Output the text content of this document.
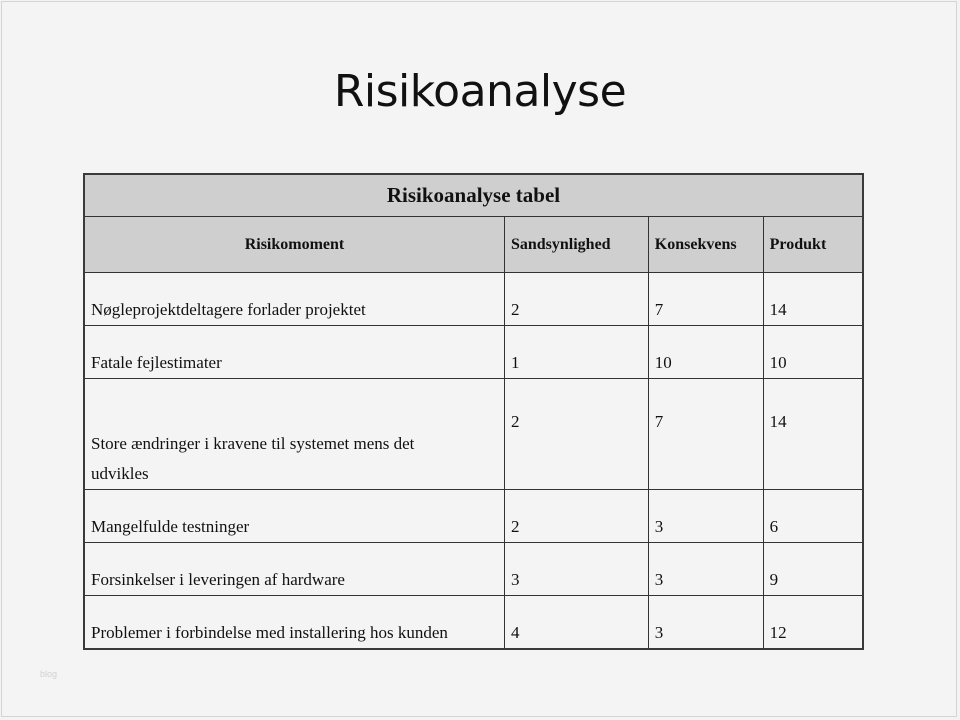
Risikoanalyse
Risikoanalyse tabel			
Risikomoment	Sandsynlighed	Konsekvens	Produkt
Nøgleprojektdeltagere forlader projektet	2	7	14
Fatale fejlestimater	1	10	10
Store ændringer i kravene til systemet mens det udvikles	2	7	14
Mangelfulde testninger	2	3	6
Forsinkelser i leveringen af hardware	3	3	9
Problemer i forbindelse med installering hos kunden	4	3	12
blog
